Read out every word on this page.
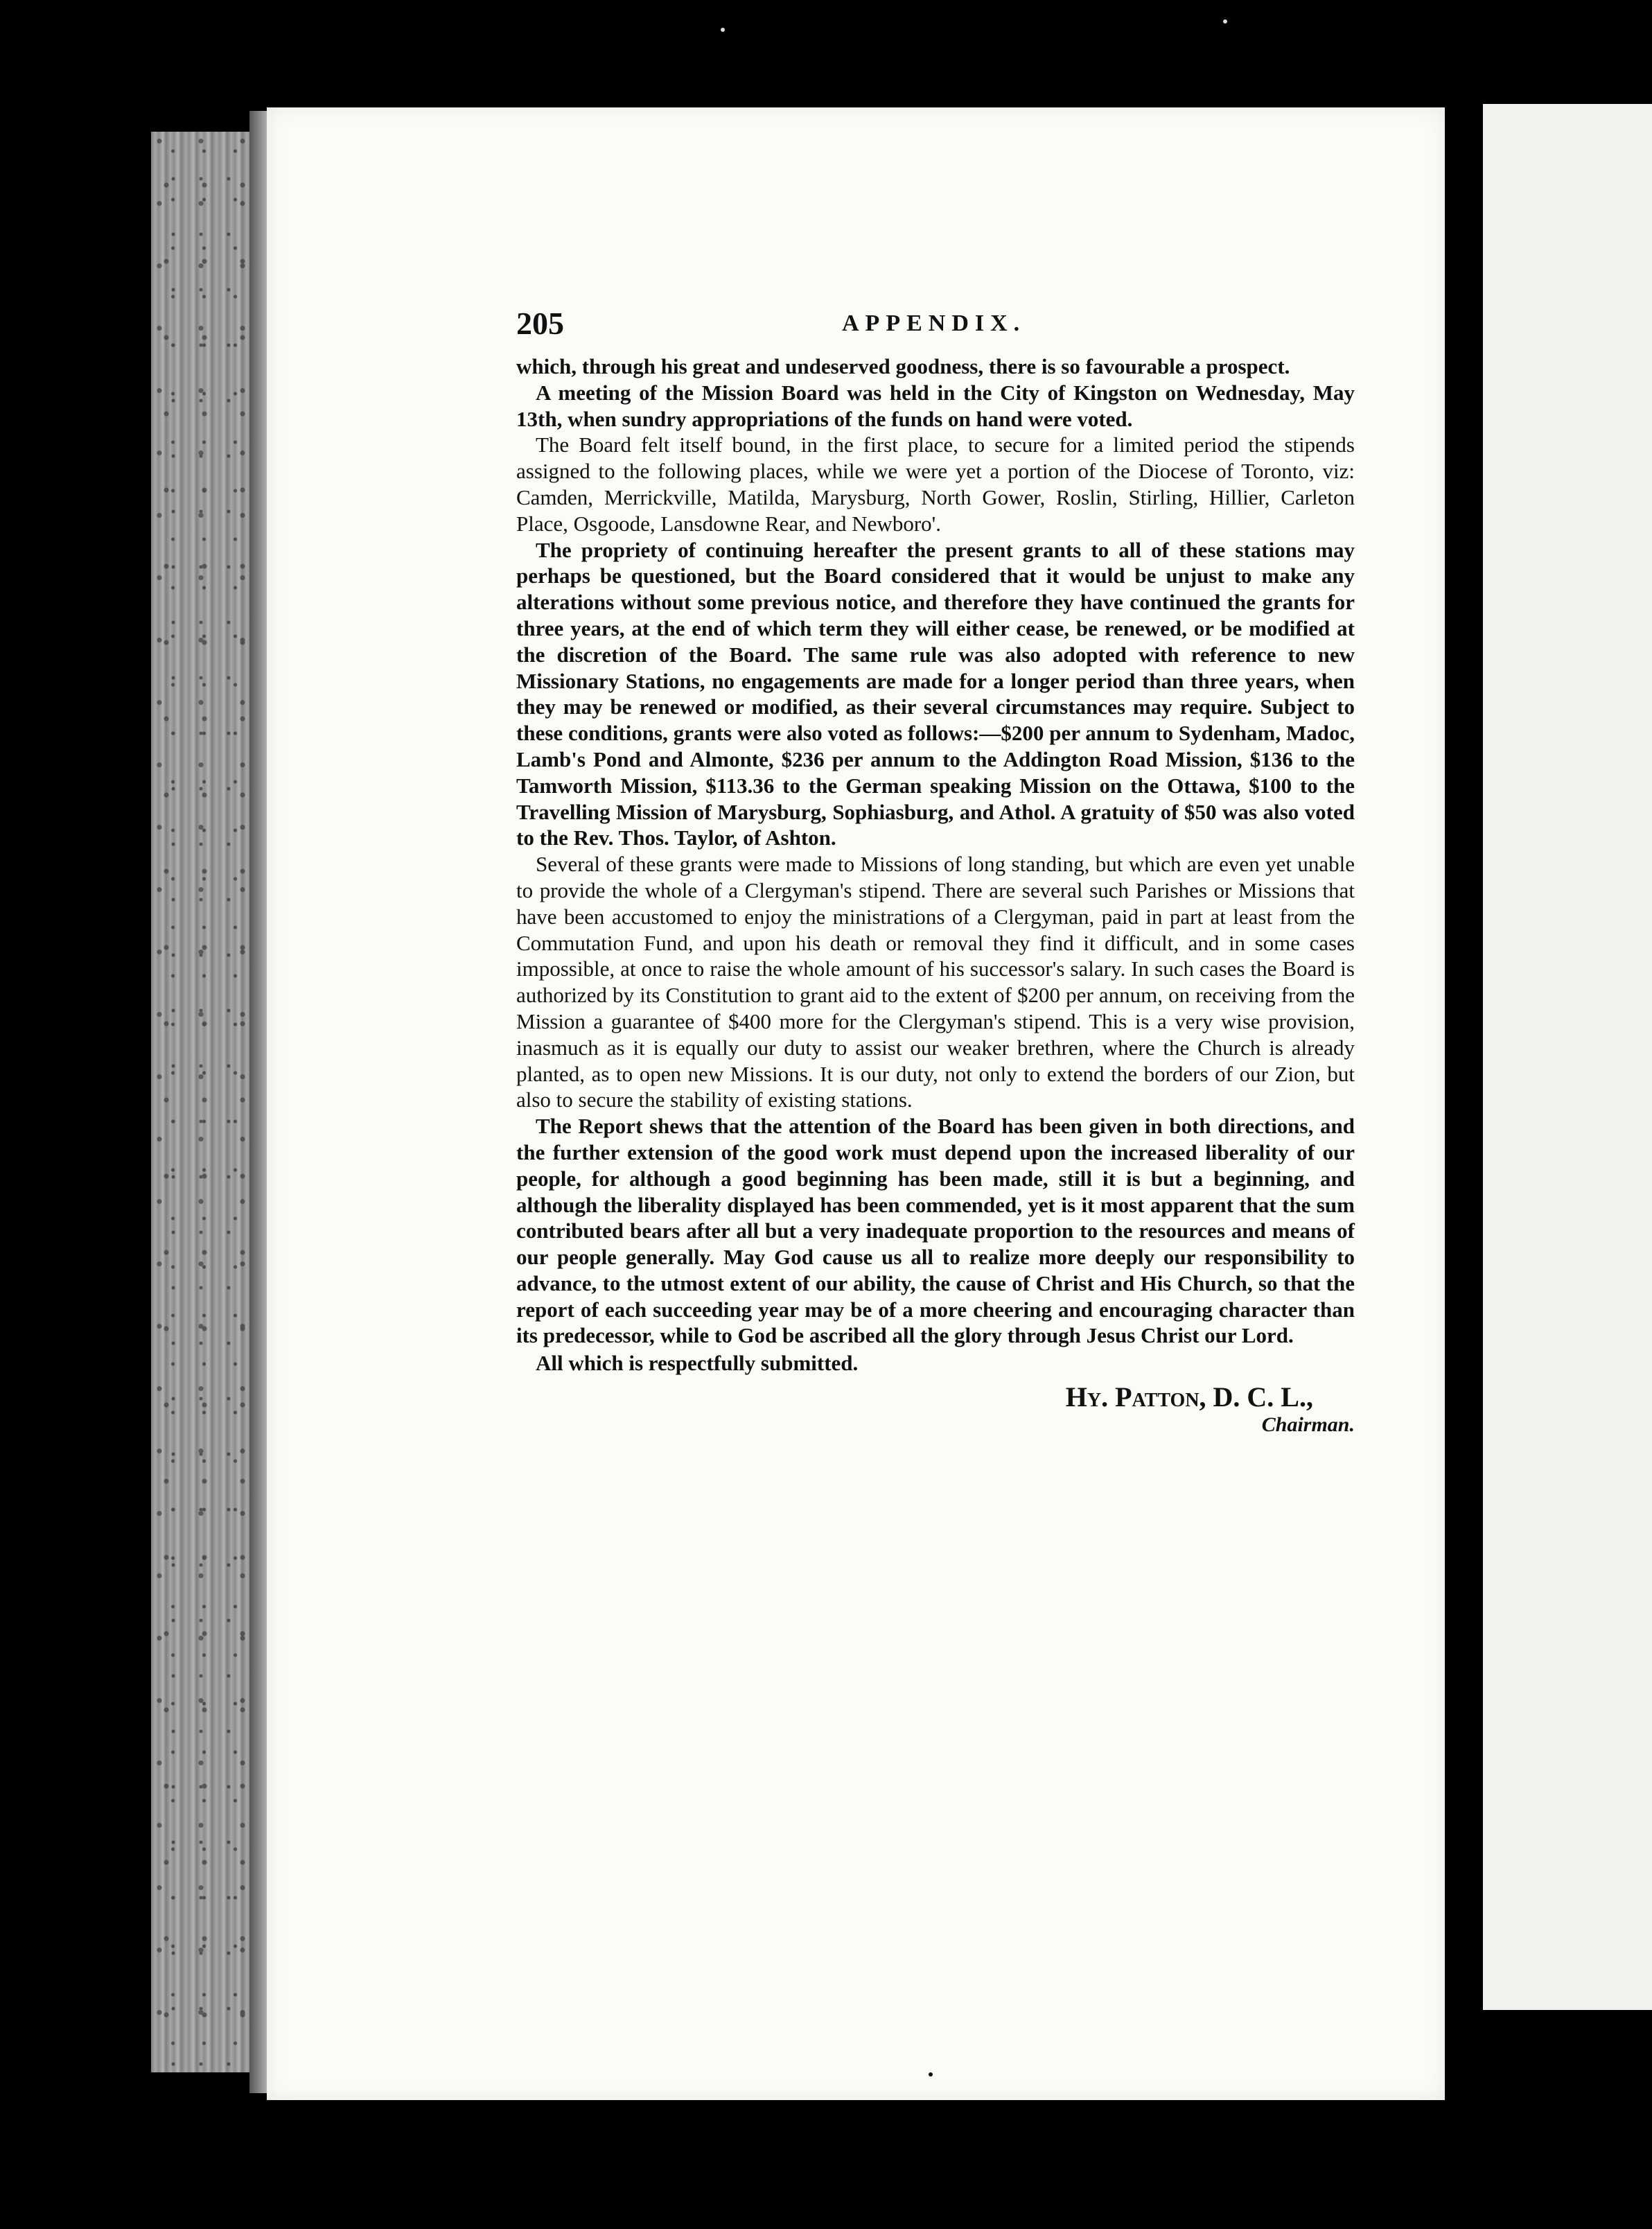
205	APPENDIX.

which, through his great and undeserved goodness, there is so favourable a prospect.

A meeting of the Mission Board was held in the City of Kingston on Wednesday, May 13th, when sundry appropriations of the funds on hand were voted.

The Board felt itself bound, in the first place, to secure for a limited period the stipends assigned to the following places, while we were yet a portion of the Diocese of Toronto, viz: Camden, Merrickville, Matilda, Marysburg, North Gower, Roslin, Stirling, Hillier, Carleton Place, Osgoode, Lansdowne Rear, and Newboro'.

The propriety of continuing hereafter the present grants to all of these stations may perhaps be questioned, but the Board considered that it would be unjust to make any alterations without some previous notice, and therefore they have continued the grants for three years, at the end of which term they will either cease, be renewed, or be modified at the discretion of the Board. The same rule was also adopted with reference to new Missionary Stations, no engagements are made for a longer period than three years, when they may be renewed or modified, as their several circumstances may require. Subject to these conditions, grants were also voted as follows:—$200 per annum to Sydenham, Madoc, Lamb's Pond and Almonte, $236 per annum to the Addington Road Mission, $136 to the Tamworth Mission, $113.36 to the German speaking Mission on the Ottawa, $100 to the Travelling Mission of Marysburg, Sophiasburg, and Athol. A gratuity of $50 was also voted to the Rev. Thos. Taylor, of Ashton.

Several of these grants were made to Missions of long standing, but which are even yet unable to provide the whole of a Clergyman's stipend. There are several such Parishes or Missions that have been accustomed to enjoy the ministrations of a Clergyman, paid in part at least from the Commutation Fund, and upon his death or removal they find it difficult, and in some cases impossible, at once to raise the whole amount of his successor's salary. In such cases the Board is authorized by its Constitution to grant aid to the extent of $200 per annum, on receiving from the Mission a guarantee of $400 more for the Clergyman's stipend. This is a very wise provision, inasmuch as it is equally our duty to assist our weaker brethren, where the Church is already planted, as to open new Missions. It is our duty, not only to extend the borders of our Zion, but also to secure the stability of existing stations.

The Report shews that the attention of the Board has been given in both directions, and the further extension of the good work must depend upon the increased liberality of our people, for although a good beginning has been made, still it is but a beginning, and although the liberality displayed has been commended, yet is it most apparent that the sum contributed bears after all but a very inadequate proportion to the resources and means of our people generally. May God cause us all to realize more deeply our responsibility to advance, to the utmost extent of our ability, the cause of Christ and His Church, so that the report of each succeeding year may be of a more cheering and encouraging character than its predecessor, while to God be ascribed all the glory through Jesus Christ our Lord.

All which is respectfully submitted.

Hy. Patton, D. C. L.,

Chairman.
